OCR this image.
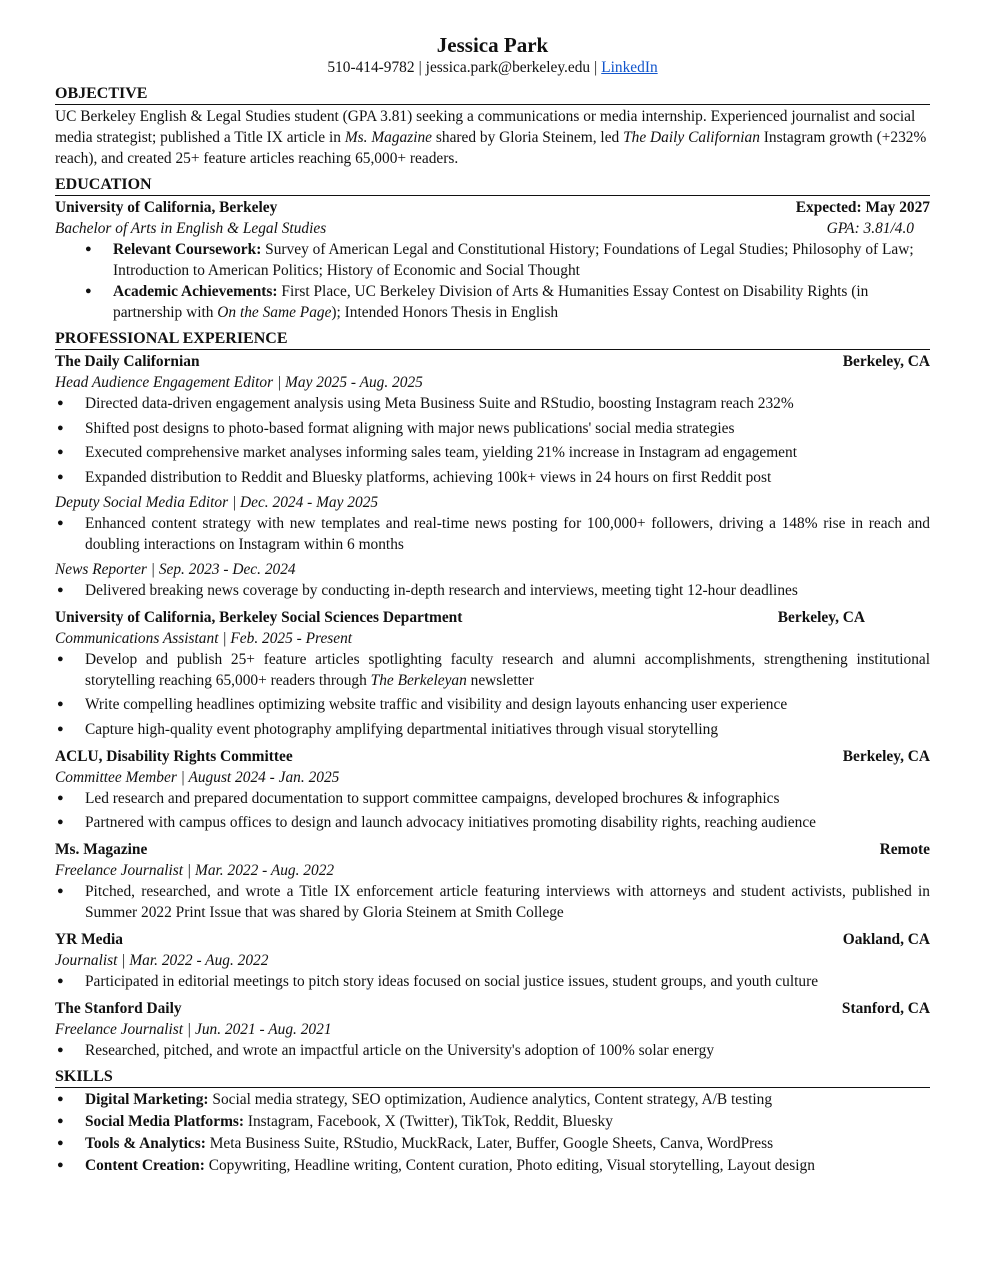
Jessica Park
510-414-9782 | jessica.park@berkeley.edu | LinkedIn
OBJECTIVE

UC Berkeley English & Legal Studies student (GPA 3.81) seeking a communications or media internship. Experienced journalist and social media strategist; published a Title IX article in Ms. Magazine shared by Gloria Steinem, led The Daily Californian Instagram growth (+232% reach), and created 25+ feature articles reaching 65,000+ readers.

EDUCATION
University of California, Berkeley	Expected: May 2027
Bachelor of Arts in English & Legal Studies	GPA: 3.81/4.0
● Relevant Coursework: Survey of American Legal and Constitutional History; Foundations of Legal Studies; Philosophy of Law; Introduction to American Politics; History of Economic and Social Thought
● Academic Achievements: First Place, UC Berkeley Division of Arts & Humanities Essay Contest on Disability Rights (in partnership with On the Same Page); Intended Honors Thesis in English
PROFESSIONAL EXPERIENCE
The Daily Californian	Berkeley, CA
Head Audience Engagement Editor | May 2025 - Aug. 2025
● Directed data-driven engagement analysis using Meta Business Suite and RStudio, boosting Instagram reach 232%
● Shifted post designs to photo-based format aligning with major news publications' social media strategies
● Executed comprehensive market analyses informing sales team, yielding 21% increase in Instagram ad engagement
● Expanded distribution to Reddit and Bluesky platforms, achieving 100k+ views in 24 hours on first Reddit post
Deputy Social Media Editor | Dec. 2024 - May 2025
● Enhanced content strategy with new templates and real-time news posting for 100,000+ followers, driving a 148% rise in reach and doubling interactions on Instagram within 6 months
News Reporter | Sep. 2023 - Dec. 2024
● Delivered breaking news coverage by conducting in-depth research and interviews, meeting tight 12-hour deadlines
University of California, Berkeley Social Sciences Department	Berkeley, CA
Communications Assistant | Feb. 2025 - Present
● Develop and publish 25+ feature articles spotlighting faculty research and alumni accomplishments, strengthening institutional storytelling reaching 65,000+ readers through The Berkeleyan newsletter
● Write compelling headlines optimizing website traffic and visibility and design layouts enhancing user experience
● Capture high-quality event photography amplifying departmental initiatives through visual storytelling
ACLU, Disability Rights Committee	Berkeley, CA
Committee Member | August 2024 - Jan. 2025
● Led research and prepared documentation to support committee campaigns, developed brochures & infographics
● Partnered with campus offices to design and launch advocacy initiatives promoting disability rights, reaching audience
Ms. Magazine	Remote
Freelance Journalist | Mar. 2022 - Aug. 2022
● Pitched, researched, and wrote a Title IX enforcement article featuring interviews with attorneys and student activists, published in Summer 2022 Print Issue that was shared by Gloria Steinem at Smith College
YR Media	Oakland, CA
Journalist | Mar. 2022 - Aug. 2022
● Participated in editorial meetings to pitch story ideas focused on social justice issues, student groups, and youth culture
The Stanford Daily	Stanford, CA
Freelance Journalist | Jun. 2021 - Aug. 2021
● Researched, pitched, and wrote an impactful article on the University's adoption of 100% solar energy
SKILLS
● Digital Marketing: Social media strategy, SEO optimization, Audience analytics, Content strategy, A/B testing
● Social Media Platforms: Instagram, Facebook, X (Twitter), TikTok, Reddit, Bluesky
● Tools & Analytics: Meta Business Suite, RStudio, MuckRack, Later, Buffer, Google Sheets, Canva, WordPress
● Content Creation: Copywriting, Headline writing, Content curation, Photo editing, Visual storytelling, Layout design
